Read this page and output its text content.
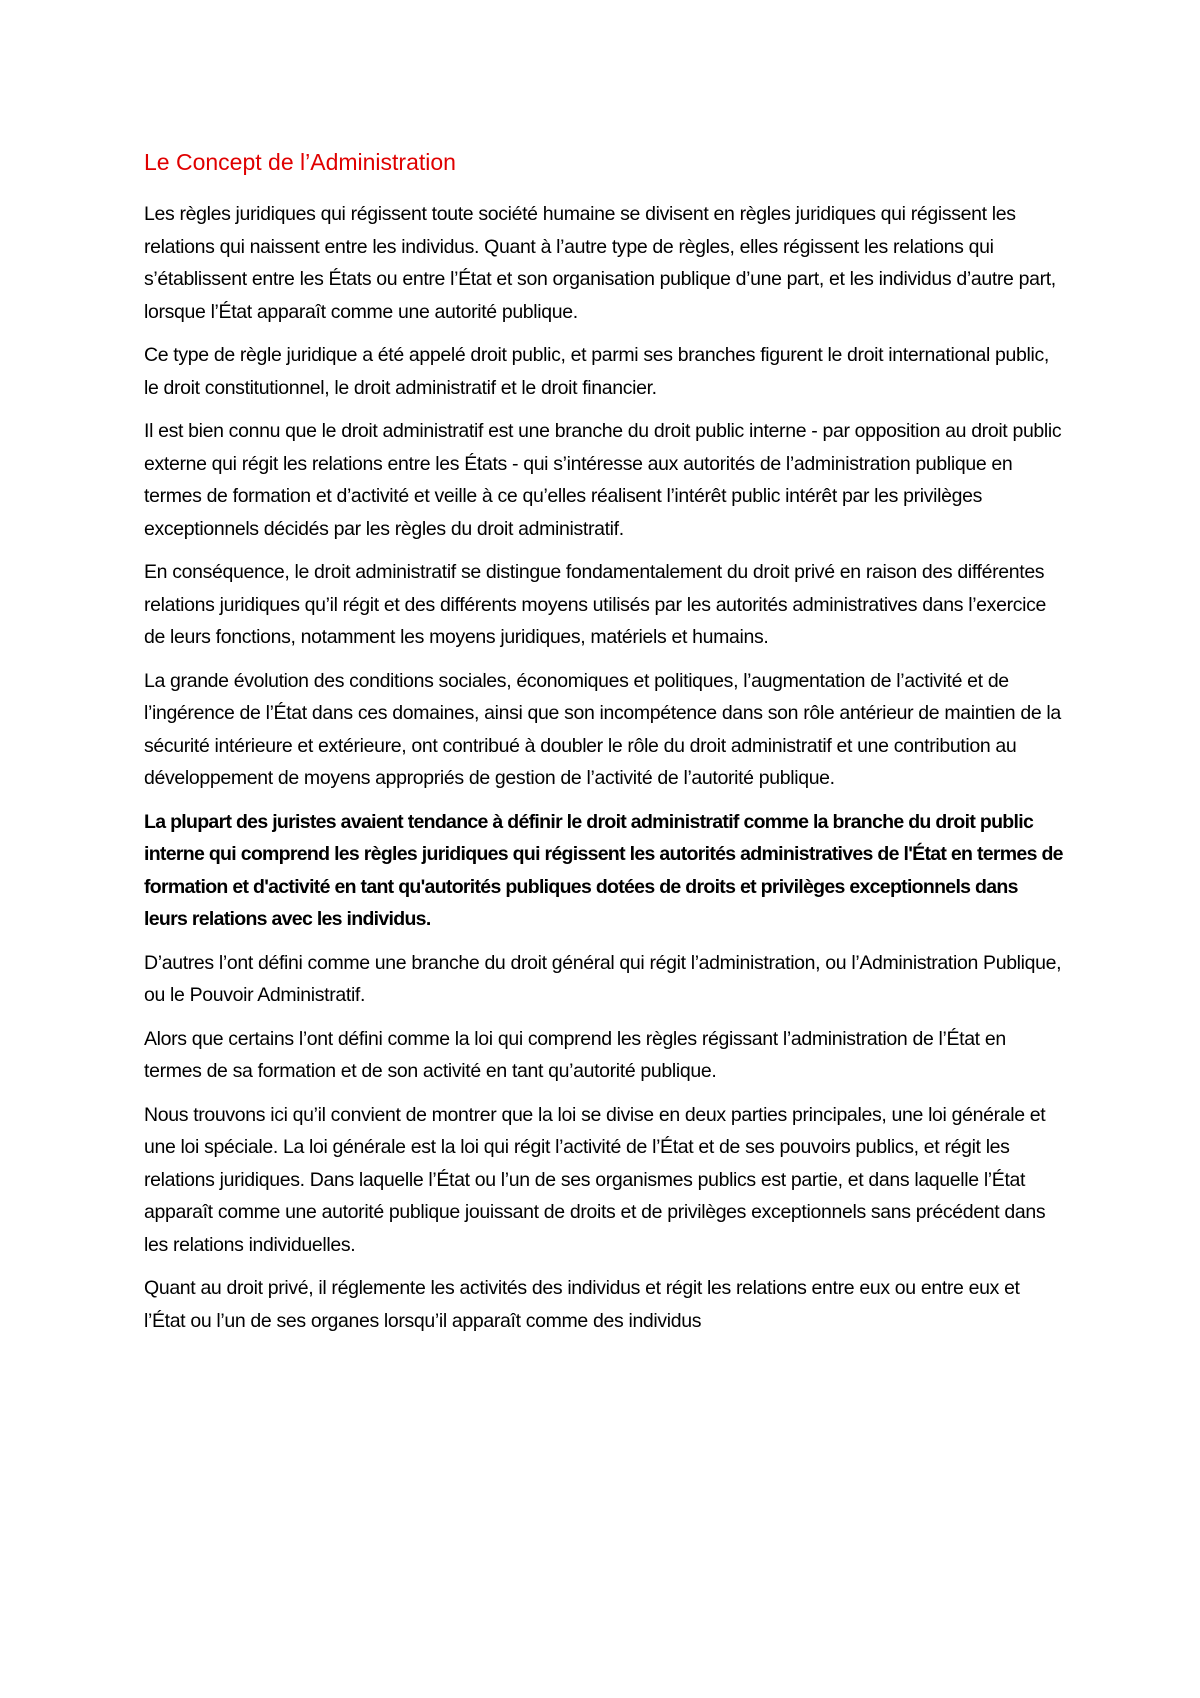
Le Concept de l’Administration

Les règles juridiques qui régissent toute société humaine se divisent en règles juridiques qui régissent les relations qui naissent entre les individus. Quant à l’autre type de règles, elles régissent les relations qui s’établissent entre les États ou entre l’État et son organisation publique d’une part, et les individus d’autre part, lorsque l’État apparaît comme une autorité publique.

Ce type de règle juridique a été appelé droit public, et parmi ses branches figurent le droit international public, le droit constitutionnel, le droit administratif et le droit financier.

Il est bien connu que le droit administratif est une branche du droit public interne - par opposition au droit public externe qui régit les relations entre les États - qui s’intéresse aux autorités de l’administration publique en termes de formation et d’activité et veille à ce qu’elles réalisent l’intérêt public intérêt par les privilèges exceptionnels décidés par les règles du droit administratif.

En conséquence, le droit administratif se distingue fondamentalement du droit privé en raison des différentes relations juridiques qu’il régit et des différents moyens utilisés par les autorités administratives dans l’exercice de leurs fonctions, notamment les moyens juridiques, matériels et humains.

La grande évolution des conditions sociales, économiques et politiques, l’augmentation de l’activité et de l’ingérence de l’État dans ces domaines, ainsi que son incompétence dans son rôle antérieur de maintien de la sécurité intérieure et extérieure, ont contribué à doubler le rôle du droit administratif et une contribution au développement de moyens appropriés de gestion de l’activité de l’autorité publique.

La plupart des juristes avaient tendance à définir le droit administratif comme la branche du droit public interne qui comprend les règles juridiques qui régissent les autorités administratives de l'État en termes de formation et d'activité en tant qu'autorités publiques dotées de droits et privilèges exceptionnels dans leurs relations avec les individus.

D’autres l’ont défini comme une branche du droit général qui régit l’administration, ou l’Administration Publique, ou le Pouvoir Administratif.

Alors que certains l’ont défini comme la loi qui comprend les règles régissant l’administration de l’État en termes de sa formation et de son activité en tant qu’autorité publique.

Nous trouvons ici qu’il convient de montrer que la loi se divise en deux parties principales, une loi générale et une loi spéciale. La loi générale est la loi qui régit l’activité de l’État et de ses pouvoirs publics, et régit les relations juridiques. Dans laquelle l’État ou l’un de ses organismes publics est partie, et dans laquelle l’État apparaît comme une autorité publique jouissant de droits et de privilèges exceptionnels sans précédent dans les relations individuelles.

Quant au droit privé, il réglemente les activités des individus et régit les relations entre eux ou entre eux et l’État ou l’un de ses organes lorsqu’il apparaît comme des individus
